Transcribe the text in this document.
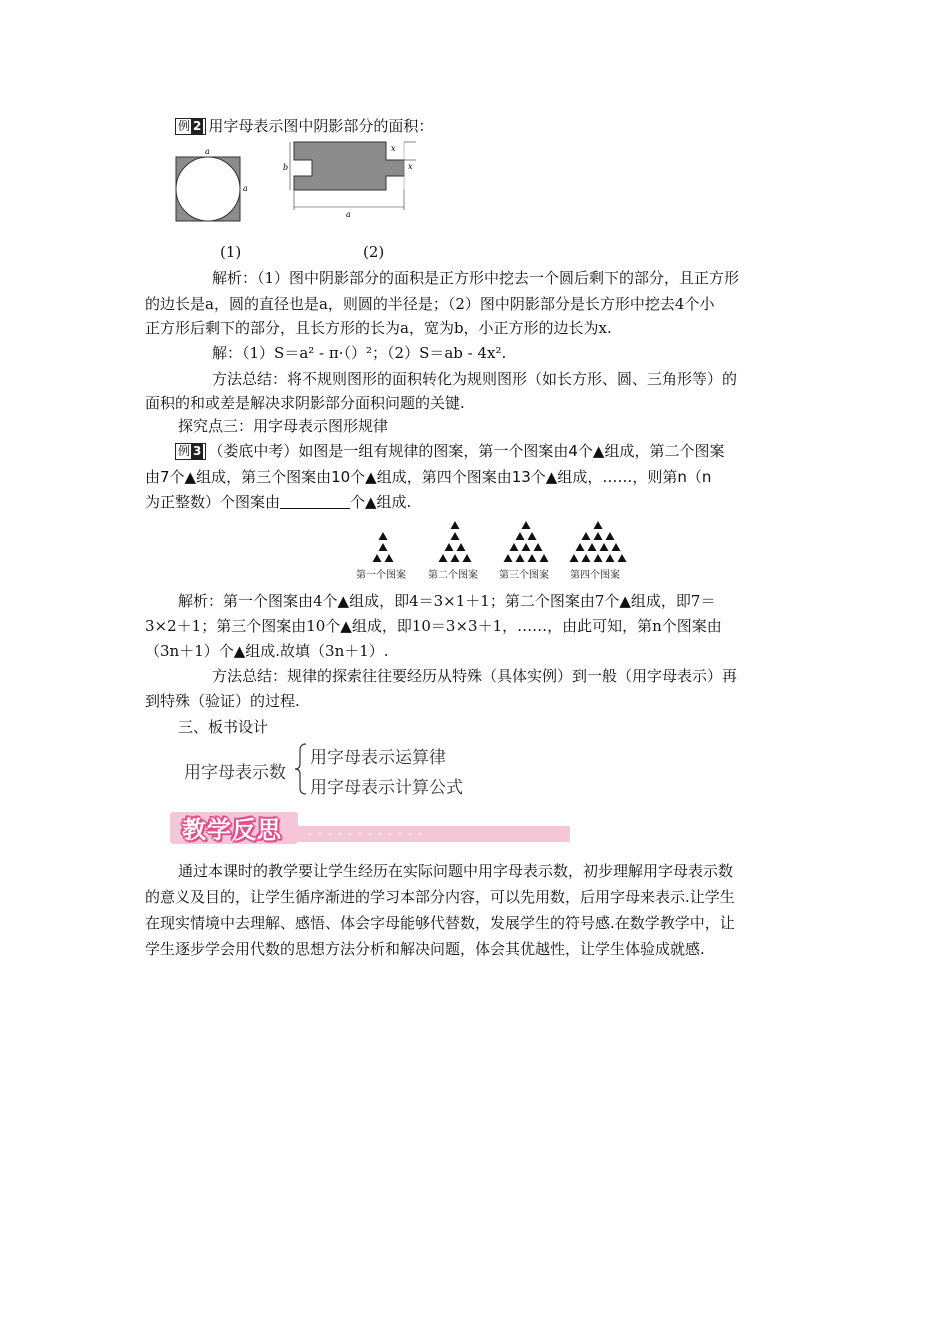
例 2 用字母表示图中阴影部分的面积：
a
a
b
a
x
x
(1)	(2)
解析：（1）图中阴影部分的面积是正方形中挖去一个圆后剩下的部分，且正方形
的边长是a，圆的直径也是a，则圆的半径是；（2）图中阴影部分是长方形中挖去4个小
正方形后剩下的部分，且长方形的长为a，宽为b，小正方形的边长为x.
解：（1）S＝a² - π·（）²；（2）S＝ab - 4x².
方法总结：将不规则图形的面积转化为规则图形（如长方形、圆、三角形等）的
面积的和或差是解决求阴影部分面积问题的关键.
探究点三：用字母表示图形规律
例 3 （娄底中考）如图是一组有规律的图案，第一个图案由4个▲组成，第二个图案
由7个▲组成，第三个图案由10个▲组成，第四个图案由13个▲组成，……，则第n（n
为正整数）个图案由	个▲组成.
第一个图案 第二个图案 第三个图案 第四个图案
解析：第一个图案由4个▲组成，即4＝3×1＋1；第二个图案由7个▲组成，即7＝
3×2＋1；第三个图案由10个▲组成，即10＝3×3＋1，……，由此可知，第n个图案由
（3n＋1）个▲组成.故填（3n＋1）.
方法总结：规律的探索往往要经历从特殊（具体实例）到一般（用字母表示）再
到特殊（验证）的过程.
三、板书设计
用字母表示数
用字母表示运算律
用字母表示计算公式
教学反思
通过本课时的教学要让学生经历在实际问题中用字母表示数，初步理解用字母表示数
的意义及目的，让学生循序渐进的学习本部分内容，可以先用数，后用字母来表示.让学生
在现实情境中去理解、感悟、体会字母能够代替数，发展学生的符号感.在数学教学中，让
学生逐步学会用代数的思想方法分析和解决问题，体会其优越性，让学生体验成就感.
